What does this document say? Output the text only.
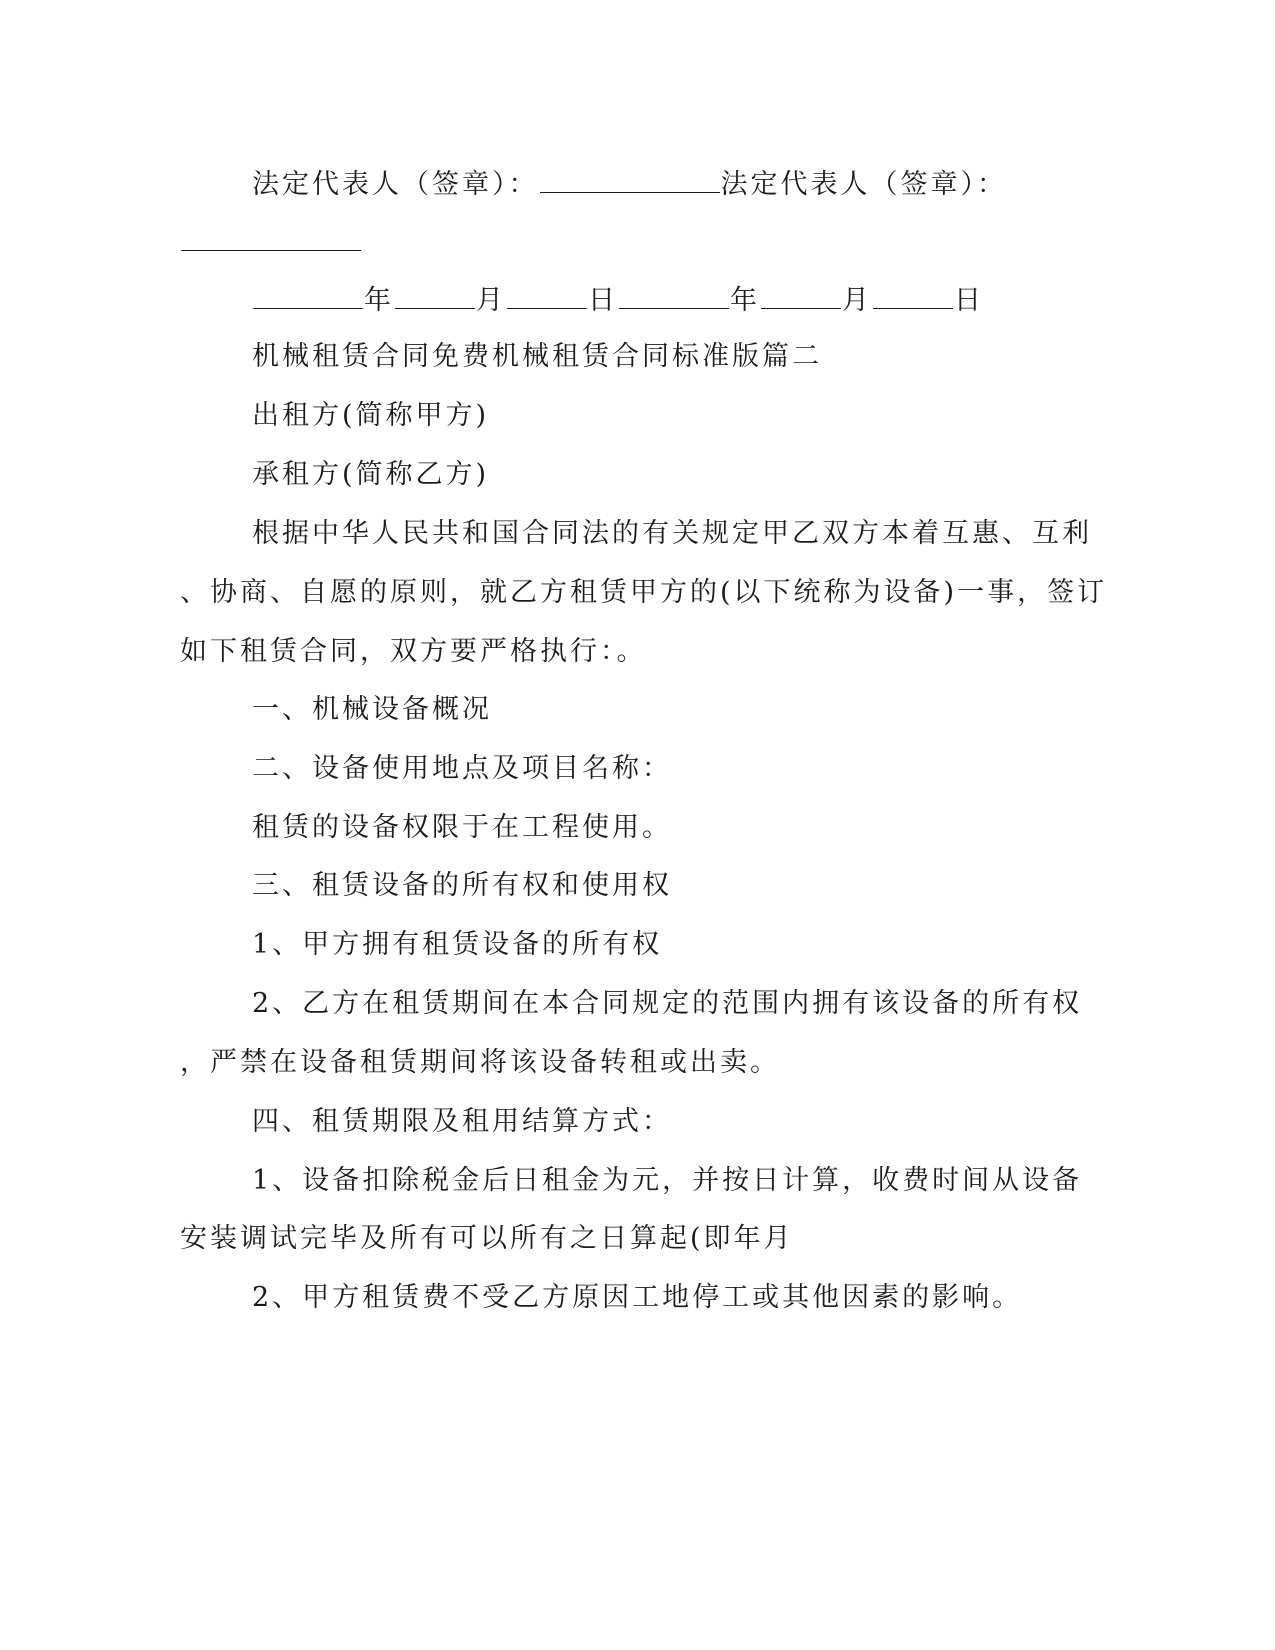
法定代表人（签章）：	法定代表人（签章）：
年	月	日	年	月	日
机械租赁合同免费机械租赁合同标准版篇二
出租方(简称甲方)
承租方(简称乙方)
根据中华人民共和国合同法的有关规定甲乙双方本着互惠、互利
、协商、自愿的原则，就乙方租赁甲方的(以下统称为设备)一事，签订
如下租赁合同，双方要严格执行：。
一、机械设备概况
二、设备使用地点及项目名称：
租赁的设备权限于在工程使用。
三、租赁设备的所有权和使用权
1、甲方拥有租赁设备的所有权
2、乙方在租赁期间在本合同规定的范围内拥有该设备的所有权
，严禁在设备租赁期间将该设备转租或出卖。
四、租赁期限及租用结算方式：
1、设备扣除税金后日租金为元，并按日计算，收费时间从设备
安装调试完毕及所有可以所有之日算起(即年月
2、甲方租赁费不受乙方原因工地停工或其他因素的影响。
